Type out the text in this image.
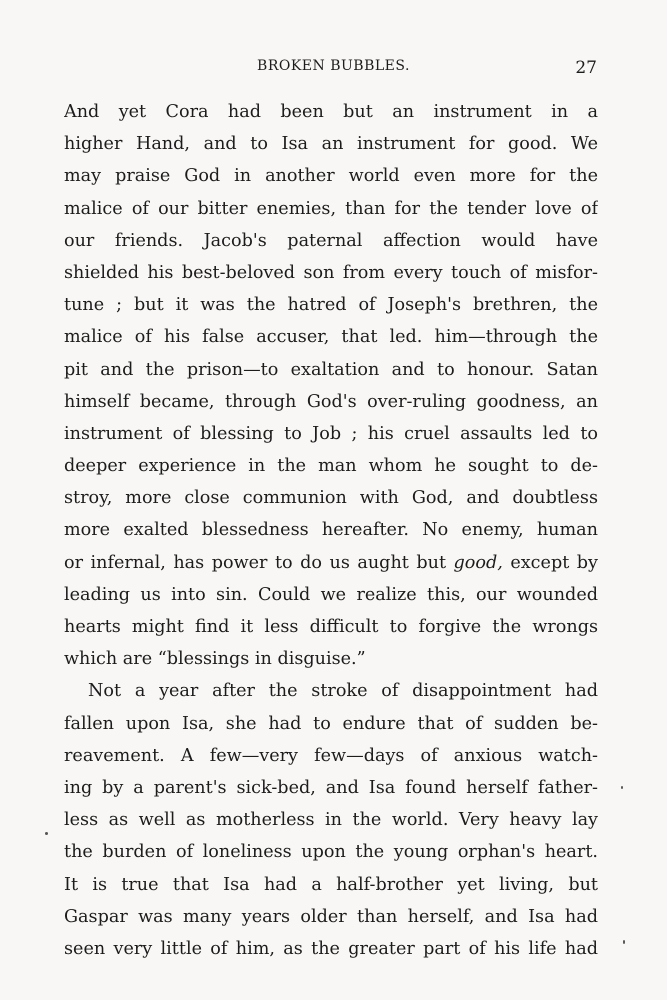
BROKEN BUBBLES.	27
And yet Cora had been but an instrument in a
higher Hand, and to Isa an instrument for good. We
may praise God in another world even more for the
malice of our bitter enemies, than for the tender love of
our friends. Jacob's paternal affection would have
shielded his best-beloved son from every touch of misfor-
tune ; but it was the hatred of Joseph's brethren, the
malice of his false accuser, that led. him—through the
pit and the prison—to exaltation and to honour. Satan
himself became, through God's over-ruling goodness, an
instrument of blessing to Job ; his cruel assaults led to
deeper experience in the man whom he sought to de-
stroy, more close communion with God, and doubtless
more exalted blessedness hereafter. No enemy, human
or infernal, has power to do us aught but good, except by
leading us into sin. Could we realize this, our wounded
hearts might find it less difficult to forgive the wrongs
which are “blessings in disguise.”
Not a year after the stroke of disappointment had
fallen upon Isa, she had to endure that of sudden be-
reavement. A few—very few—days of anxious watch-
ing by a parent's sick-bed, and Isa found herself father-
less as well as motherless in the world. Very heavy lay
the burden of loneliness upon the young orphan's heart.
It is true that Isa had a half-brother yet living, but
Gaspar was many years older than herself, and Isa had
seen very little of him, as the greater part of his life had
